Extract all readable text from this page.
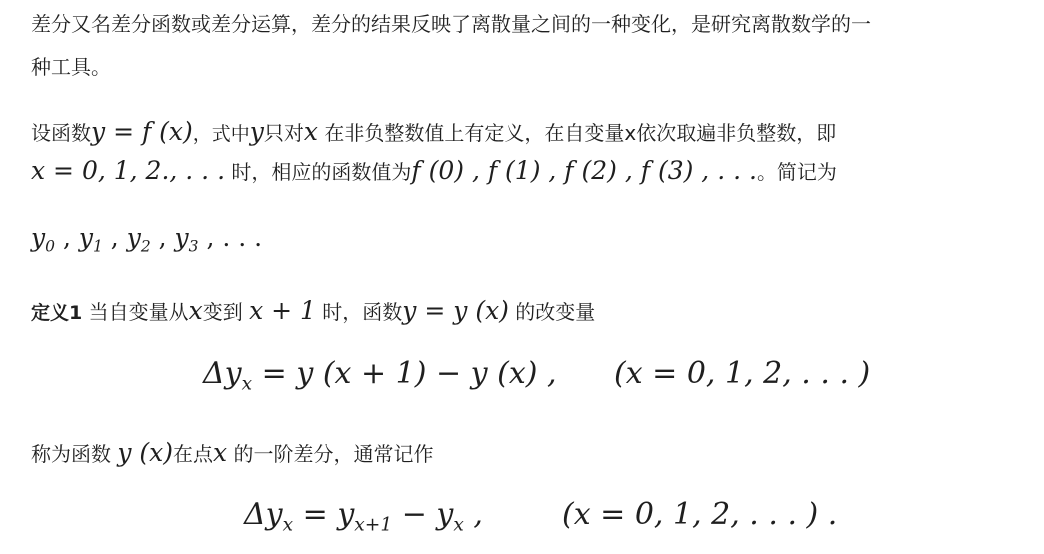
差分又名差分函数或差分运算，差分的结果反映了离散量之间的一种变化，是研究离散数学的一
种工具。
设函数y = f (x)，式中y只对x 在非负整数值上有定义，在自变量x依次取遍非负整数，即
x = 0, 1, 2., . . . 时，相应的函数值为f (0) , f (1) , f (2) , f (3) , . . .。简记为
$y_0$ , $y_1$ , $y_2$ , $y_3$ , . . .
定义1 当自变量从x变到 x + 1 时，函数y = y (x) 的改变量
$\Delta y_x = y$ (x + 1) − y (x) , (x = 0, 1, 2, . . . )
称为函数 y (x)在点x 的一阶差分，通常记作
$\Delta y_x = y_{x+1} - y_x$ ,	(x = 0, 1, 2, . . . ) .
